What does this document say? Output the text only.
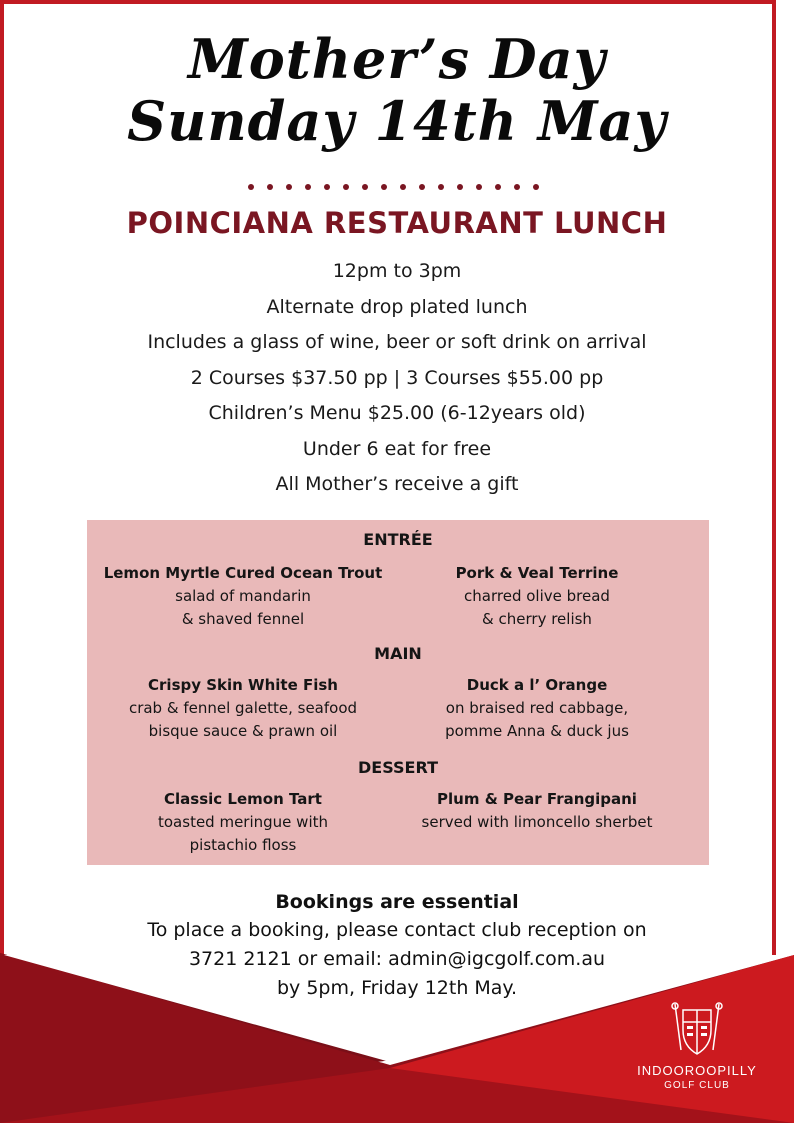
Mother’s Day
Sunday 14th May
POINCIANA RESTAURANT LUNCH
12pm to 3pm
Alternate drop plated lunch
Includes a glass of wine, beer or soft drink on arrival
2 Courses $37.50 pp | 3 Courses $55.00 pp
Children’s Menu $25.00 (6-12years old)
Under 6 eat for free
All Mother’s receive a gift
ENTRÉE
Lemon Myrtle Cured Ocean Trout
salad of mandarin
& shaved fennel
Pork & Veal Terrine
charred olive bread
& cherry relish
MAIN
Crispy Skin White Fish
crab & fennel galette, seafood
bisque sauce & prawn oil
Duck a l’ Orange
on braised red cabbage,
pomme Anna & duck jus
DESSERT
Classic Lemon Tart
toasted meringue with
pistachio floss
Plum & Pear Frangipani
served with limoncello sherbet
Bookings are essential
To place a booking, please contact club reception on
3721 2121 or email: admin@igcgolf.com.au
by 5pm, Friday 12th May.
INDOOROOPILLY
GOLF CLUB
